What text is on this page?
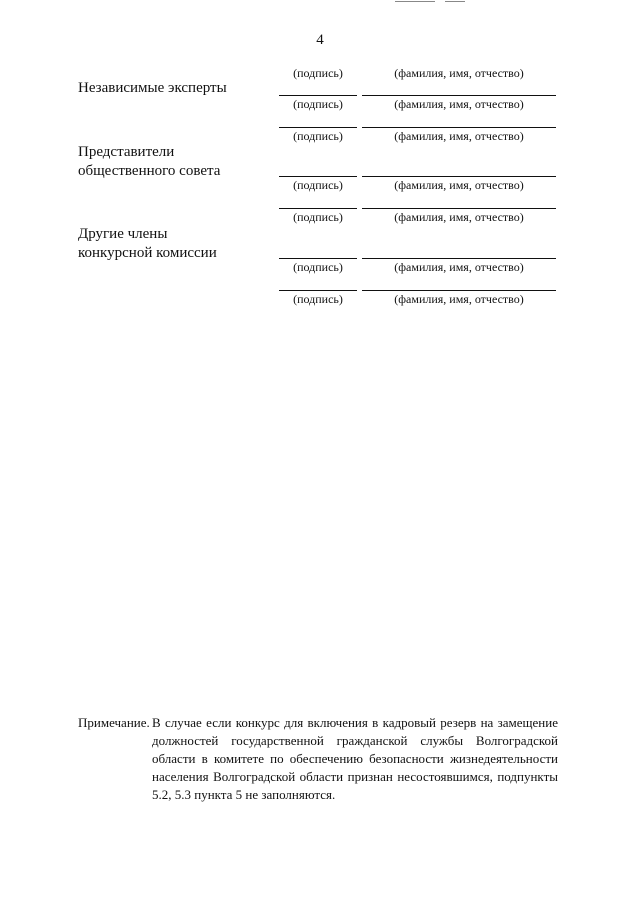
4
Независимые эксперты
(подпись)	(фамилия, имя, отчество)
(подпись)	(фамилия, имя, отчество)
(подпись)	(фамилия, имя, отчество)
Представители
общественного совета
(подпись)	(фамилия, имя, отчество)
(подпись)	(фамилия, имя, отчество)
Другие члены
конкурсной комиссии
(подпись)	(фамилия, имя, отчество)
(подпись)	(фамилия, имя, отчество)
Примечание. В случае если конкурс для включения в кадровый резерв на замещение должностей государственной гражданской службы Волгоградской области в комитете по обеспечению безопасности жизнедеятельности населения Волгоградской области признан несостоявшимся, подпункты 5.2, 5.3 пункта 5 не заполняются.
